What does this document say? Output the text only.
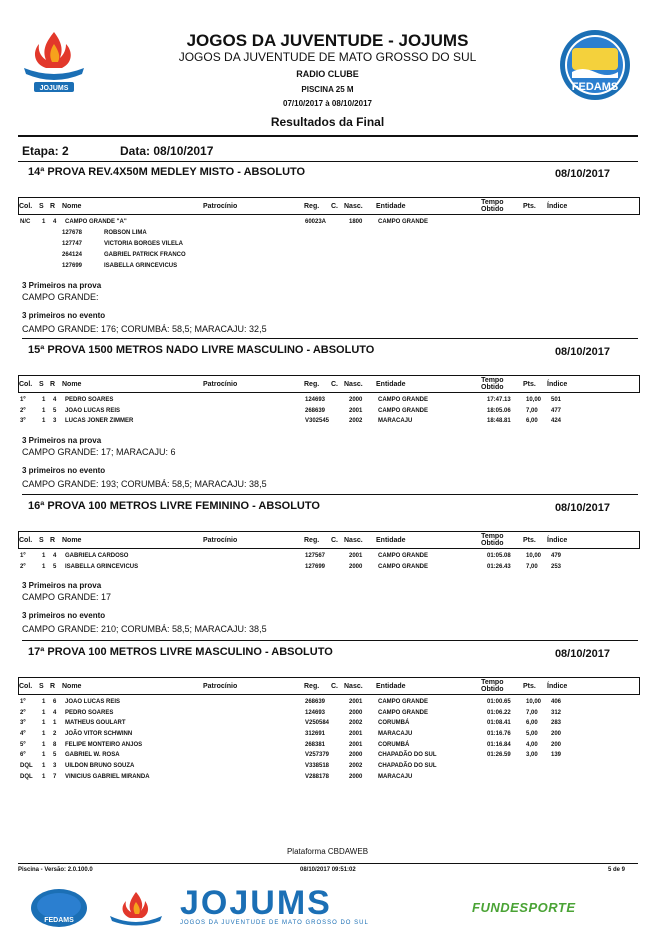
JOJUMS	FEDAMS
JOGOS DA JUVENTUDE - JOJUMS
JOGOS DA JUVENTUDE DE MATO GROSSO DO SUL
RADIO CLUBE
PISCINA 25 M
07/10/2017 à 08/10/2017
Resultados da Final
Etapa: 2	Data: 08/10/2017
14ª PROVA REV.4X50M MEDLEY MISTO - ABSOLUTO	08/10/2017
Col. S R Nome	Patrocínio	Reg. C. Nasc. Entidade
Tempo
Obtido	Pts. Índice
N/C 1 4 CAMPO GRANDE "A"	60023A	1800	CAMPO GRANDE
127678	ROBSON LIMA
127747	VICTORIA BORGES VILELA
264124	GABRIEL PATRICK FRANCO
127699	ISABELLA GRINCEVICUS
3 Primeiros na prova
CAMPO GRANDE:
3 primeiros no evento
CAMPO GRANDE: 176; CORUMBÁ: 58,5; MARACAJU: 32,5
15ª PROVA 1500 METROS NADO LIVRE MASCULINO - ABSOLUTO	08/10/2017
Col. S R Nome	Patrocínio	Reg. C. Nasc. Entidade
Tempo
Obtido	Pts. Índice
1º	1 4 PEDRO SOARES	124693	2000	CAMPO GRANDE	17:47.13	10,00 501
2º	1 5 JOAO LUCAS REIS	268639	2001	CAMPO GRANDE	18:05.06	7,00 477
3º	1 3 LUCAS JONER ZIMMER	V302545	2002	MARACAJU	18:48.81	6,00 424
3 Primeiros na prova
CAMPO GRANDE: 17; MARACAJU: 6
3 primeiros no evento
CAMPO GRANDE: 193; CORUMBÁ: 58,5; MARACAJU: 38,5
16ª PROVA 100 METROS LIVRE FEMININO - ABSOLUTO	08/10/2017
Col. S R Nome	Patrocínio	Reg. C. Nasc. Entidade
Tempo
Obtido	Pts. Índice
1º	1 4 GABRIELA CARDOSO	127567	2001	CAMPO GRANDE	01:05.08	10,00 479
2º	1 5 ISABELLA GRINCEVICUS	127699	2000	CAMPO GRANDE	01:26.43	7,00 253
3 Primeiros na prova
CAMPO GRANDE: 17
3 primeiros no evento
CAMPO GRANDE: 210; CORUMBÁ: 58,5; MARACAJU: 38,5
17ª PROVA 100 METROS LIVRE MASCULINO - ABSOLUTO	08/10/2017
Col. S R Nome	Patrocínio	Reg. C. Nasc. Entidade
Tempo
Obtido	Pts. Índice
1º	1 6 JOAO LUCAS REIS	268639	2001	CAMPO GRANDE	01:00.65	10,00 406
2º	1 4 PEDRO SOARES	124693	2000	CAMPO GRANDE	01:06.22	7,00 312
3º	1 1 MATHEUS GOULART	V250584	2002	CORUMBÁ	01:08.41	6,00 283
4º	1 2 JOÃO VITOR SCHWINN	312691	2001	MARACAJU	01:16.76	5,00 200
5º	1 8 FELIPE MONTEIRO ANJOS	268381	2001	CORUMBÁ	01:16.84	4,00 200
6º	1 5 GABRIEL W. ROSA	V257379	2000	CHAPADÃO DO SUL	01:26.59	3,00 139
DQL 1 3 UILDON BRUNO SOUZA	V338518	2002	CHAPADÃO DO SUL
DQL 1 7 VINICIUS GABRIEL MIRANDA	V288178	2000	MARACAJU
Plataforma CBDAWEB
Piscina - Versão: 2.0.100.0	08/10/2017 09:51:02	5 de 9
FEDAMS	JOJUMS
JOGOS DA JUVENTUDE DE MATO GROSSO DO SUL
FUNDESPORTE
